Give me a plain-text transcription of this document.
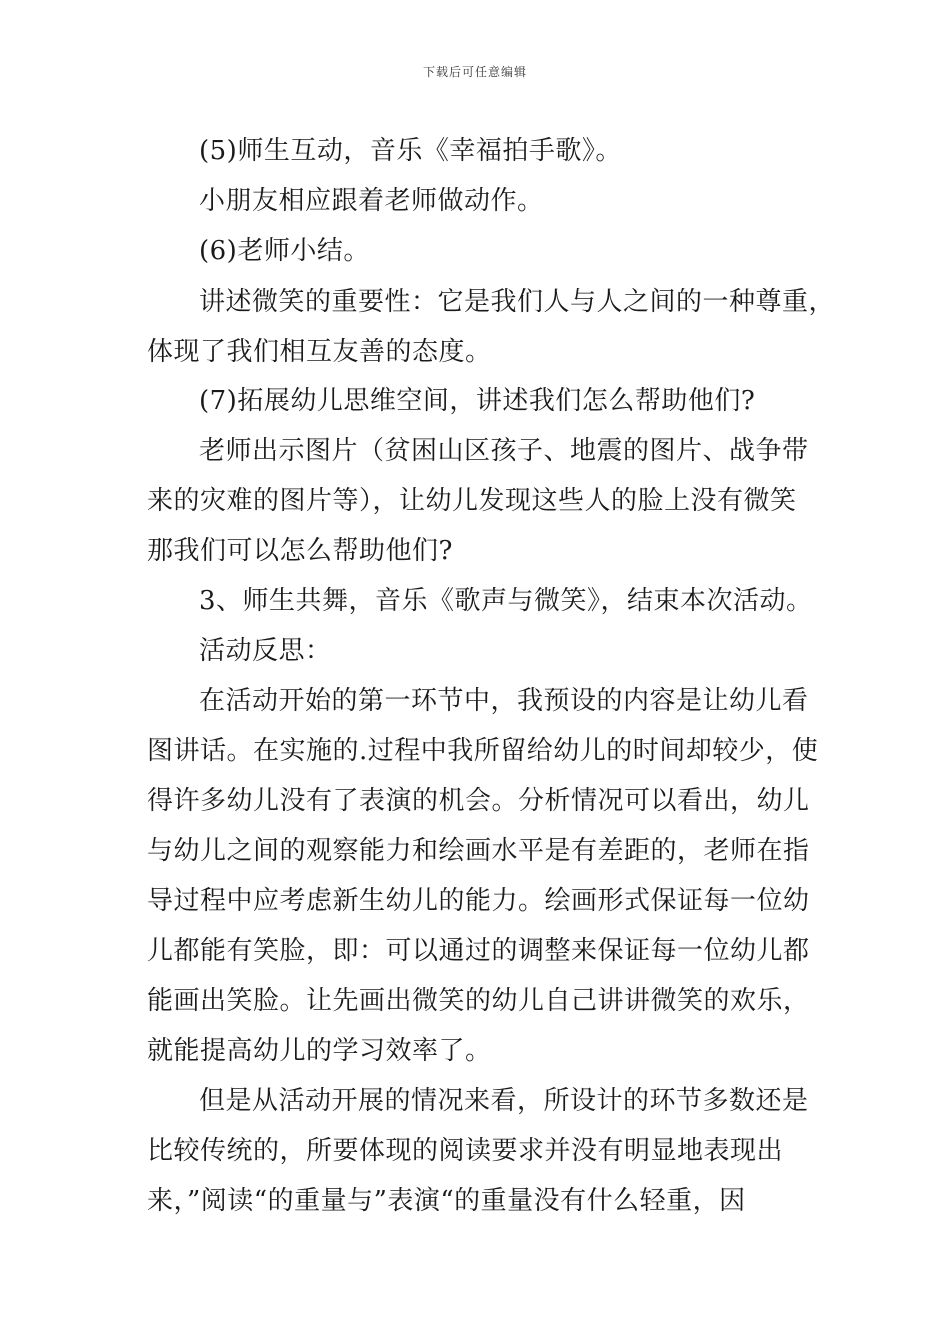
下载后可任意编辑
(5)师生互动，音乐《幸福拍手歌》。
小朋友相应跟着老师做动作。
(6)老师小结。
讲述微笑的重要性：它是我们人与人之间的一种尊重，
体现了我们相互友善的态度。
(7)拓展幼儿思维空间，讲述我们怎么帮助他们?
老师出示图片（贫困山区孩子、地震的图片、战争带
来的灾难的图片等），让幼儿发现这些人的脸上没有微笑
那我们可以怎么帮助他们?
3、师生共舞，音乐《歌声与微笑》，结束本次活动。
活动反思：
在活动开始的第一环节中，我预设的内容是让幼儿看
图讲话。在实施的.过程中我所留给幼儿的时间却较少，使
得许多幼儿没有了表演的机会。分析情况可以看出，幼儿
与幼儿之间的观察能力和绘画水平是有差距的，老师在指
导过程中应考虑新生幼儿的能力。绘画形式保证每一位幼
儿都能有笑脸，即：可以通过的调整来保证每一位幼儿都
能画出笑脸。让先画出微笑的幼儿自己讲讲微笑的欢乐，
就能提高幼儿的学习效率了。
但是从活动开展的情况来看，所设计的环节多数还是
比较传统的，所要体现的阅读要求并没有明显地表现出
来，”阅读“的重量与”表演“的重量没有什么轻重，因
